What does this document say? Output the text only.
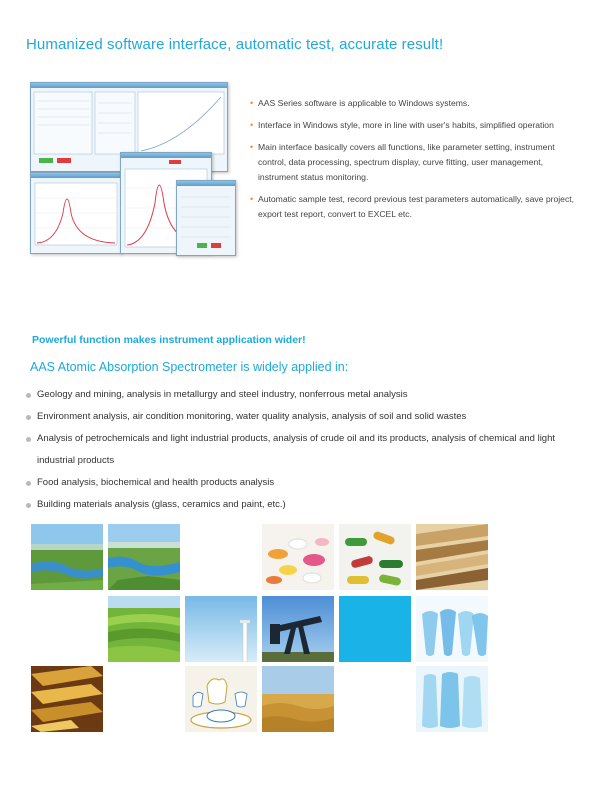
Humanized software interface, automatic test, accurate result!
• AAS Series software is applicable to Windows systems.
• Interface in Windows style, more in line with user's habits, simplified operation
• Main interface basically covers all functions, like parameter setting, instrument control, data processing, spectrum display, curve fitting, user management, instrument status monitoring.
• Automatic sample test, record previous test parameters automatically, save project, export test report, convert to EXCEL etc.
Powerful function makes instrument application wider!
AAS Atomic Absorption Spectrometer is widely applied in:
Geology and mining, analysis in metallurgy and steel industry, nonferrous metal analysis
Environment analysis, air condition monitoring, water quality analysis, analysis of soil and solid wastes
Analysis of petrochemicals and light industrial products, analysis of crude oil and its products, analysis of chemical and light industrial products
Food analysis, biochemical and health products analysis
Building materials analysis (glass, ceramics and paint, etc.)
